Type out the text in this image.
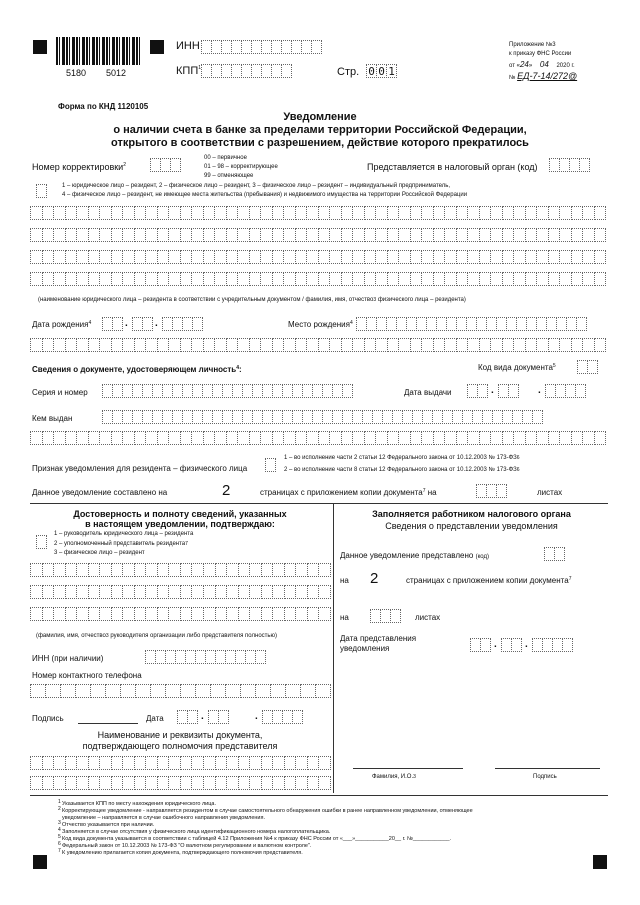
5180 5012
ИНН
КПП$^1$	Стр. 0 0 1
Приложение №3
к приказу ФНС России
от «24» 04 2020 г.
№ ЕД-7-14/272@
Форма по КНД 1120105
Уведомление
о наличии счета в банке за пределами территории Российской Федерации,
открытого в соответствии с разрешением, действие которого прекратилось
Номер корректировки$^2$
00 – первичное
01 – 98 – корректирующее
99 – отменяющее
Представляется в налоговый орган (код)
1 – юридическое лицо – резидент, 2 – физическое лицо – резидент, 3 – физическое лицо – резидент – индивидуальный предприниматель,
4 – физическое лицо – резидент, не имеющее места жительства (пребывания) и недвижимого имущества на территории Российской Федерации
(наименование юридического лица – резидента в соответствии с учредительным документом / фамилия, имя, отчество$^3$ физического лица – резидента)
Дата рождения$^4$	.	.	Место рождения$^4$
Сведения о документе, удостоверяющем личность$^4$:	Код вида документа$^5$
Серия и номер	Дата выдачи	.	.
Кем выдан
Признак уведомления для резидента – физического лица
1 – во исполнение части 2 статьи 12 Федерального закона от 10.12.2003 № $173-ФЗ^6$
2 – во исполнение части 8 статьи 12 Федерального закона от 10.12.2003 № $173-ФЗ^6$
Данное уведомление составлено на	2	страницах с приложением копии документа$^7$ на	листах
Достоверность и полноту сведений, указанных
в настоящем уведомлении, подтверждаю:
1 – руководитель юридического лица – резидента
2 – уполномоченный представитель резидента$^7$
3 – физическое лицо – резидент
(фамилия, имя, отчество$^3$ руководителя организации либо представителя полностью)
ИНН (при наличии)
Номер контактного телефона
Подпись	Дата	.	.
Наименование и реквизиты документа,
подтверждающего полномочия представителя
Заполняется работником налогового органа
Сведения о представлении уведомления
Данное уведомление представлено (код)
на 2	страницах с приложением копии документа$^7$
на	листах
Дата представления
уведомления	.	.
Фамилия, И.О.$^3$	Подпись
1 Указывается КПП по месту нахождения юридического лица.
2 Корректирующее уведомление - направляется резидентом в случае самостоятельного обнаружения ошибки в ранее направленном уведомлении, отменяющее
уведомление – направляется в случае ошибочного направления уведомления.
3 Отчество указывается при наличии.
4 Заполняется в случае отсутствия у физического лица идентификационного номера налогоплательщика.
5 Код вида документа указывается в соответствии с таблицей 4.12 Приложения №4 к приказу ФНС России от «___»___________20__ г. №____________.
6 Федеральный закон от 10.12.2003 № 173-ФЗ "О валютном регулировании и валютном контроле".
7 К уведомлению прилагается копия документа, подтверждающего полномочия представителя.
